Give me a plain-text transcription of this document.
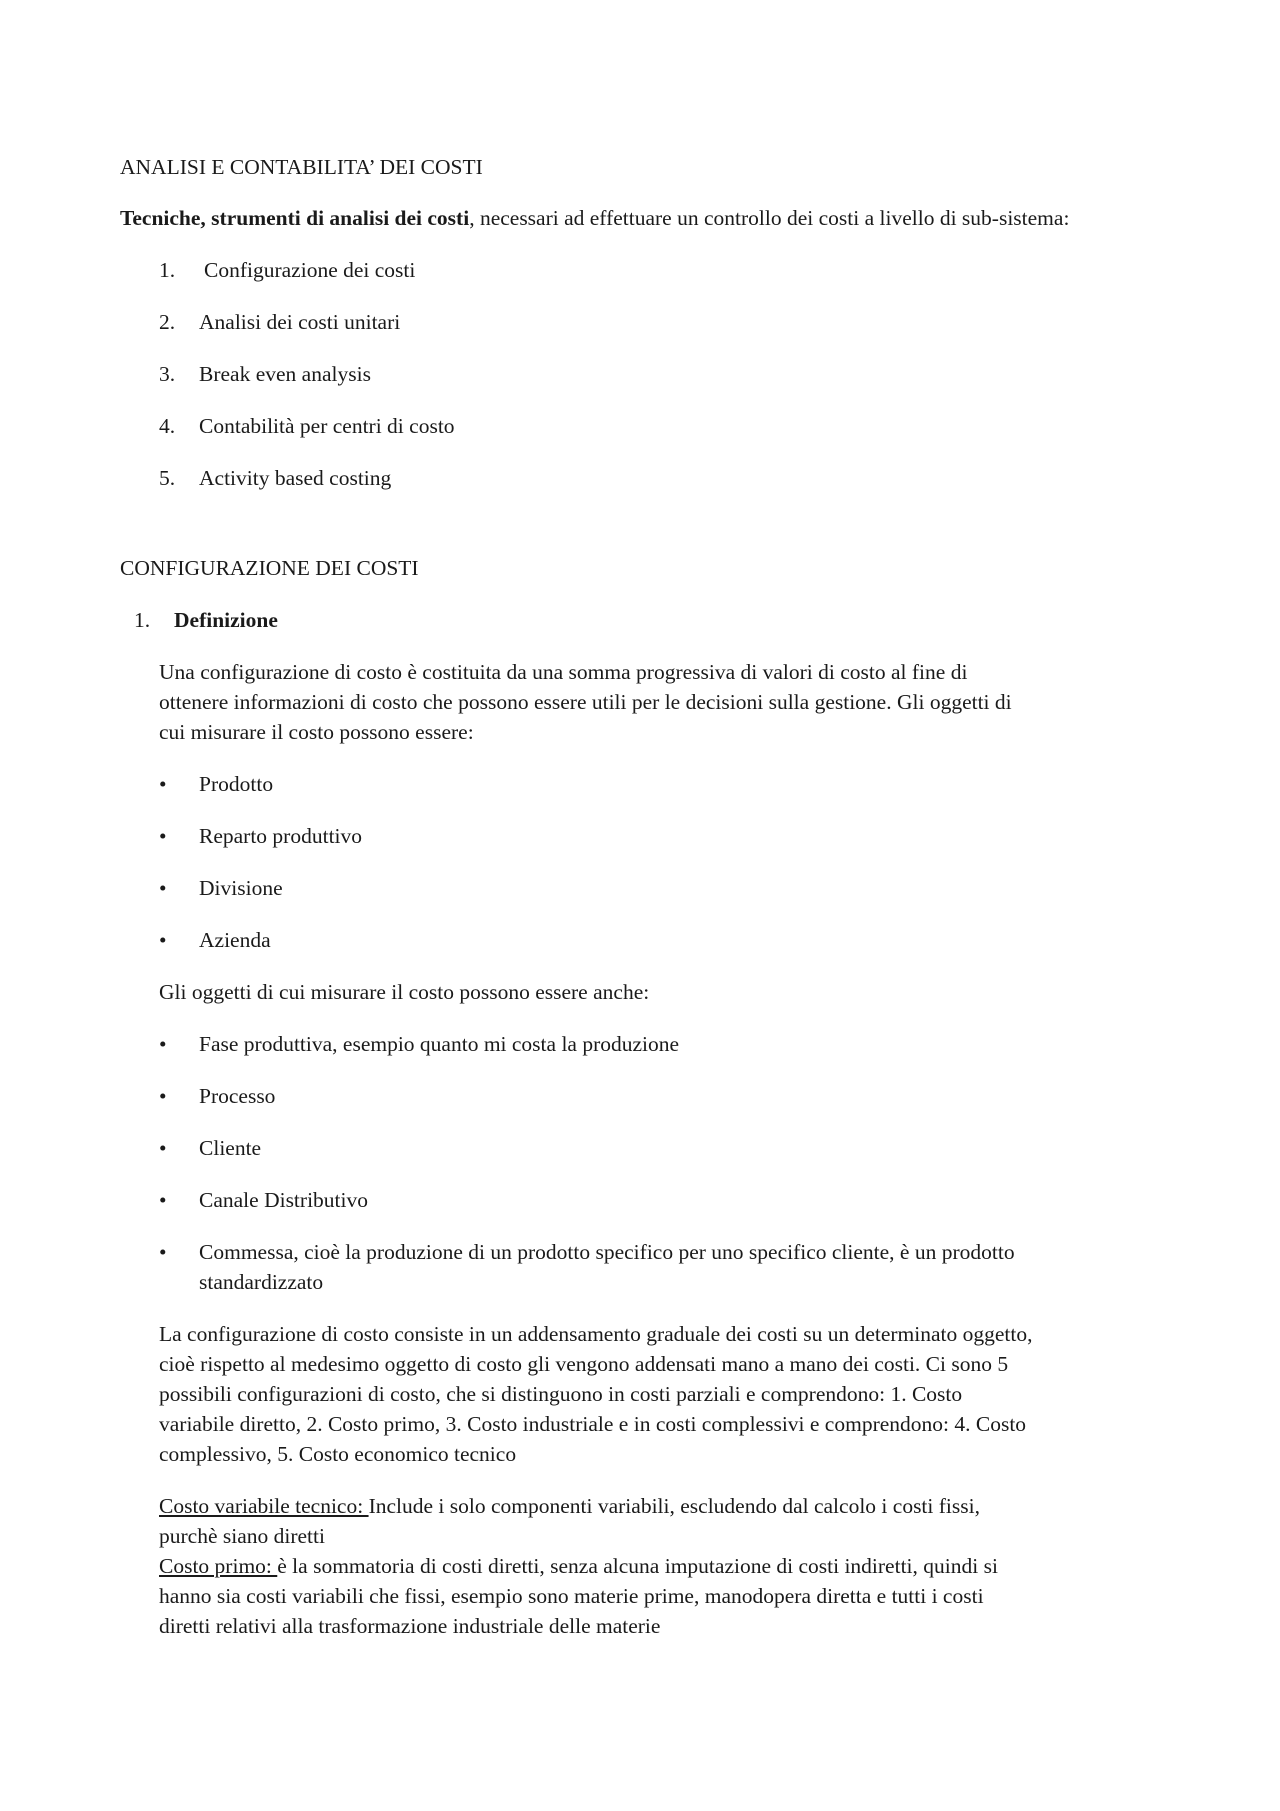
ANALISI E CONTABILITA’ DEI COSTI

Tecniche, strumenti di analisi dei costi, necessari ad effettuare un controllo dei costi a livello di sub-sistema:

1.	Configurazione dei costi
2.	Analisi dei costi unitari
3.	Break even analysis
4.	Contabilità per centri di costo
5.	Activity based costing

CONFIGURAZIONE DEI COSTI

1.	Definizione

Una configurazione di costo è costituita da una somma progressiva di valori di costo al fine di ottenere informazioni di costo che possono essere utili per le decisioni sulla gestione. Gli oggetti di cui misurare il costo possono essere:

•	Prodotto
•	Reparto produttivo
•	Divisione
•	Azienda

Gli oggetti di cui misurare il costo possono essere anche:

•	Fase produttiva, esempio quanto mi costa la produzione
•	Processo
•	Cliente
•	Canale Distributivo
•	Commessa, cioè la produzione di un prodotto specifico per uno specifico cliente, è un prodotto standardizzato

La configurazione di costo consiste in un addensamento graduale dei costi su un determinato oggetto, cioè rispetto al medesimo oggetto di costo gli vengono addensati mano a mano dei costi. Ci sono 5 possibili configurazioni di costo, che si distinguono in costi parziali e comprendono: 1. Costo variabile diretto, 2. Costo primo, 3. Costo industriale e in costi complessivi e comprendono: 4. Costo complessivo, 5. Costo economico tecnico

Costo variabile tecnico: Include i solo componenti variabili, escludendo dal calcolo i costi fissi, purchè siano diretti

Costo primo: è la sommatoria di costi diretti, senza alcuna imputazione di costi indiretti, quindi si hanno sia costi variabili che fissi, esempio sono materie prime, manodopera diretta e tutti i costi diretti relativi alla trasformazione industriale delle materie
